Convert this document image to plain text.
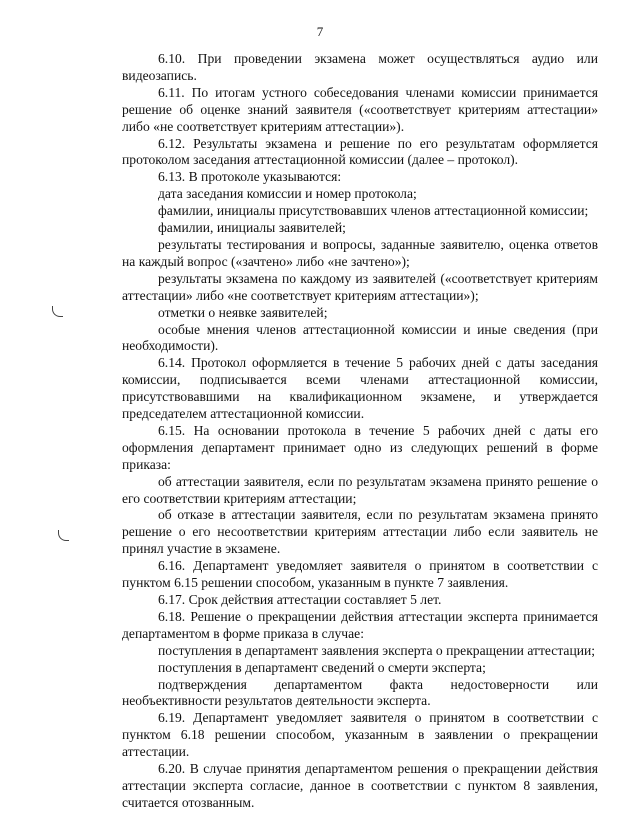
7

6.10. При проведении экзамена может осуществляться аудио или видеозапись.

6.11. По итогам устного собеседования членами комиссии принимается решение об оценке знаний заявителя («соответствует критериям аттестации» либо «не соответствует критериям аттестации»).

6.12. Результаты экзамена и решение по его результатам оформляется протоколом заседания аттестационной комиссии (далее – протокол).

6.13. В протоколе указываются:

дата заседания комиссии и номер протокола;

фамилии, инициалы присутствовавших членов аттестационной комиссии;

фамилии, инициалы заявителей;

результаты тестирования и вопросы, заданные заявителю, оценка ответов на каждый вопрос («зачтено» либо «не зачтено»);

результаты экзамена по каждому из заявителей («соответствует критериям аттестации» либо «не соответствует критериям аттестации»);

отметки о неявке заявителей;

особые мнения членов аттестационной комиссии и иные сведения (при необходимости).

6.14. Протокол оформляется в течение 5 рабочих дней с даты заседания комиссии, подписывается всеми членами аттестационной комиссии, присутствовавшими на квалификационном экзамене, и утверждается председателем аттестационной комиссии.

6.15. На основании протокола в течение 5 рабочих дней с даты его оформления департамент принимает одно из следующих решений в форме приказа:

об аттестации заявителя, если по результатам экзамена принято решение о его соответствии критериям аттестации;

об отказе в аттестации заявителя, если по результатам экзамена принято решение о его несоответствии критериям аттестации либо если заявитель не принял участие в экзамене.

6.16. Департамент уведомляет заявителя о принятом в соответствии с пунктом 6.15 решении способом, указанным в пункте 7 заявления.

6.17. Срок действия аттестации составляет 5 лет.

6.18. Решение о прекращении действия аттестации эксперта принимается департаментом в форме приказа в случае:

поступления в департамент заявления эксперта о прекращении аттестации;

поступления в департамент сведений о смерти эксперта;

подтверждения департаментом факта недостоверности или необъективности результатов деятельности эксперта.

6.19. Департамент уведомляет заявителя о принятом в соответствии с пунктом 6.18 решении способом, указанным в заявлении о прекращении аттестации.

6.20. В случае принятия департаментом решения о прекращении действия аттестации эксперта согласие, данное в соответствии с пунктом 8 заявления, считается отозванным.
